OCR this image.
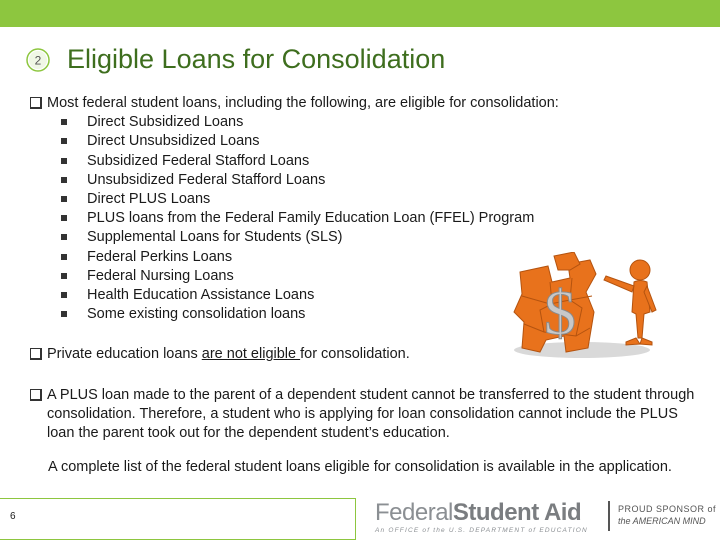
2 Eligible Loans for Consolidation
Most federal student loans, including the following, are eligible for consolidation:
Direct Subsidized Loans
Direct Unsubsidized Loans
Subsidized Federal Stafford Loans
Unsubsidized Federal Stafford Loans
Direct PLUS Loans
PLUS loans from the Federal Family Education Loan (FFEL) Program
Supplemental Loans for Students (SLS)
Federal Perkins Loans
Federal Nursing Loans
Health Education Assistance Loans
Some existing consolidation loans
Private education loans are not eligible for consolidation.
A PLUS loan made to the parent of a dependent student cannot be transferred to the student through consolidation. Therefore, a student who is applying for loan consolidation cannot include the PLUS loan the parent took out for the dependent student’s education.
A complete list of the federal student loans eligible for consolidation is available in the application.
$
6	FederalStudent Aid
An OFFICE of the U.S. DEPARTMENT of EDUCATION
PROUD SPONSOR of
the AMERICAN MIND
